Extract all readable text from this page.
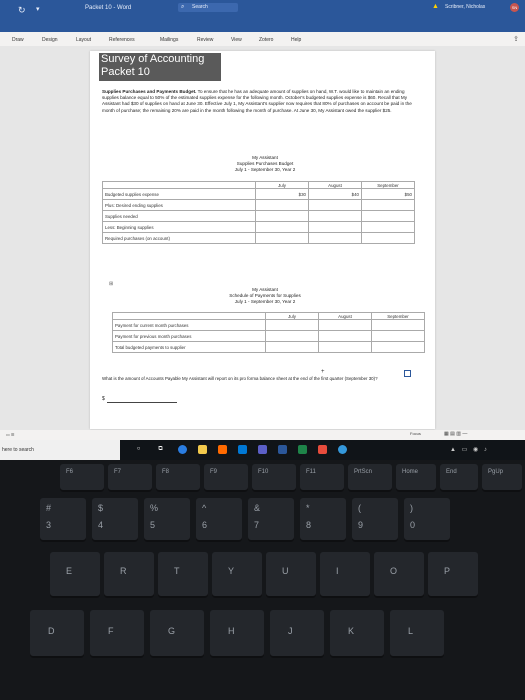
↻ ▾	Packet 10 - Word	⌕ Search	▲ Scribner, Nicholas	SN
Draw	Design	Layout	References	Mailings	Review	View	Zotero	Help	⇪
Survey of Accounting
Packet 10
Supplies Purchases and Payments Budget. To ensure that he has an adequate amount of supplies on hand, W.T. would like to maintain an ending supplies balance equal to 50% of the estimated supplies expense for the following month. October's budgeted supplies expense is $60. Recall that My Assistant had $30 of supplies on hand at June 30. Effective July 1, My Assistant's supplier now requires that 80% of purchases on account be paid in the month of purchase; the remaining 20% are paid in the month following the month of purchase. At June 30, My Assistant owed the supplier $25.
My Assistant
Supplies Purchases Budget
July 1 - September 30, Year 2
	July	August	September
Budgeted supplies expense	$30	$40	$50
Plus: Desired ending supplies			
Supplies needed			
Less: Beginning supplies			
Required purchases (on account)			
⊞
My Assistant
Schedule of Payments for Supplies
July 1 - September 30, Year 2
	July	August	September
Payment for current month purchases			
Payment for previous month purchases			
Total budgeted payments to supplier			
+
What is the amount of Accounts Payable My Assistant will report on its pro forma balance sheet at the end of the first quarter (September 30)?
$
▭ ☰	Focus	▦ ▤ ▥ —
here to search	○	⧉	▲ ▭ ◉ ♪
F6	F7	F8	F9	F10	F11	PrtScn	Home	End	PgUp
#
3
$
4
%
5
^
6
&
7
*
8
(
9
)
0
E	R	T	Y	U	I	O	P
D	F	G	H	J	K	L
